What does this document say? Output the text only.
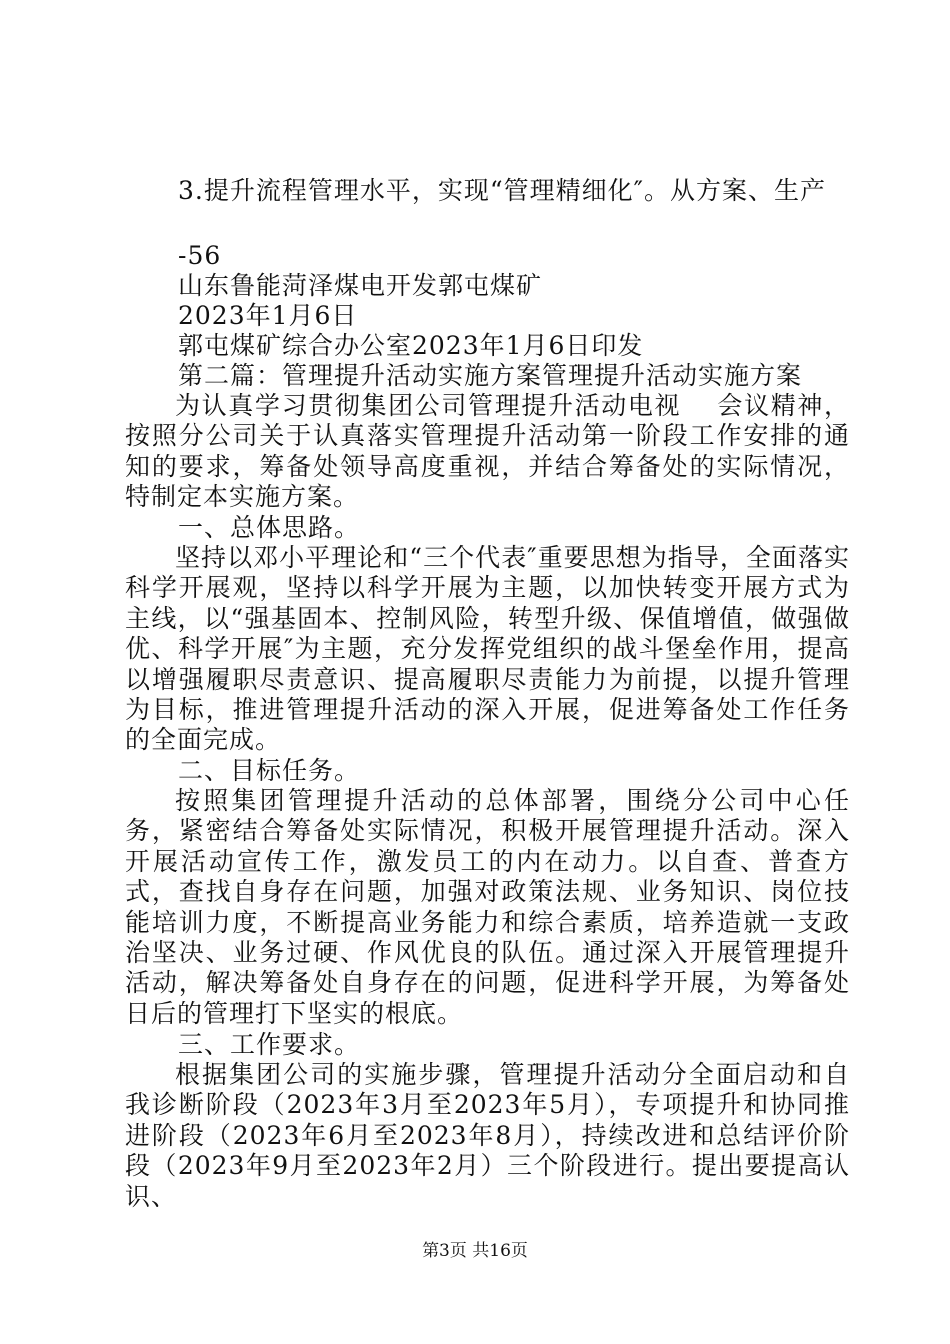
3.提升流程管理水平，实现“管理精细化″。从方案、生产
-56
山东鲁能菏泽煤电开发郭屯煤矿
2023年1月6日
郭屯煤矿综合办公室2023年1月6日印发
第二篇：管理提升活动实施方案管理提升活动实施方案
为认真学习贯彻集团公司管理提升活动电视　 会议精神，按照分公司关于认真落实管理提升活动第一阶段工作安排的通知的要求，筹备处领导高度重视，并结合筹备处的实际情况，特制定本实施方案。
一、总体思路。
坚持以邓小平理论和“三个代表″重要思想为指导，全面落实科学开展观，坚持以科学开展为主题，以加快转变开展方式为主线，以“强基固本、控制风险，转型升级、保值增值，做强做优、科学开展″为主题，充分发挥党组织的战斗堡垒作用，提高以增强履职尽责意识、提高履职尽责能力为前提，以提升管理为目标，推进管理提升活动的深入开展，促进筹备处工作任务的全面完成。
二、目标任务。
按照集团管理提升活动的总体部署，围绕分公司中心任务，紧密结合筹备处实际情况，积极开展管理提升活动。深入开展活动宣传工作，激发员工的内在动力。以自查、普查方式，查找自身存在问题，加强对政策法规、业务知识、岗位技能培训力度，不断提高业务能力和综合素质，培养造就一支政治坚决、业务过硬、作风优良的队伍。通过深入开展管理提升活动，解决筹备处自身存在的问题，促进科学开展，为筹备处日后的管理打下坚实的根底。
三、工作要求。
根据集团公司的实施步骤，管理提升活动分全面启动和自我诊断阶段（2023年3月至2023年5月），专项提升和协同推进阶段（2023年6月至2023年8月），持续改进和总结评价阶段（2023年9月至2023年2月）三个阶段进行。提出要提高认识、
第3页 共16页
